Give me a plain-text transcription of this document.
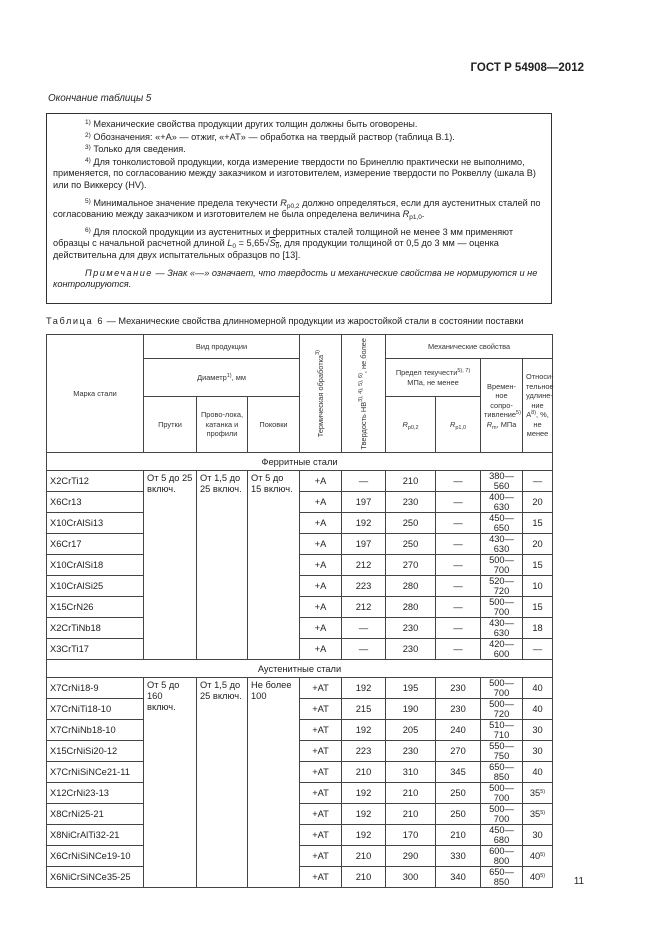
ГОСТ Р 54908—2012
Окончание таблицы 5

$^{1)}$ Механические свойства продукции других толщин должны быть оговорены.

$^{2)}$ Обозначения: «+А» — отжиг, «+AT» — обработка на твердый раствор (таблица В.1).

$^{3)}$ Только для сведения.

$^{4)}$ Для тонколистовой продукции, когда измерение твердости по Бринеллю практически не выполнимо, применяется, по согласованию между заказчиком и изготовителем, измерение твердости по Роквеллу (шкала В) или по Виккерсу (HV).

$^{5)}$ Минимальное значение предела текучести $R_{p0,2}$ должно определяться, если для аустенитных сталей по согласованию между заказчиком и изготовителем не была определена величина $R_{p1,0}$.

$^{6)}$ Для плоской продукции из аустенитных и ферритных сталей толщиной не менее 3 мм применяют образцы с начальной расчетной длиной $L_0 = 5,65√S_0$, для продукции толщиной от 0,5 до 3 мм — оценка действительна для двух испытательных образцов по [13].

Примечание — Знак «—» означает, что твердость и механические свойства не нормируются и не контролируются.

Таблица 6 — Механические свойства длинномерной продукции из жаростойкой стали в состоянии поставки
Марка стали	Вид продукции			Термическая обработка$^{3)}$	Твердость $НВ^{3), 4), 5), 6)}$, не более	Механические свойства			
	Диаметр$^{1)}$, мм					Предел текучести$^{5), 7)}$ МПа, не менее		Времен-ное сопро-тивление$^{5)}$ $R_m$, МПа	Относи-тельное удлине-ние $А^{8)}$, %, не менее
	Прутки	Прово-лока, катанка и профили	Поковки			$R_{p0,2}$	$R_{p1,0}$
Ферритные стали									
X2CrTi12	От 5 до 25 включ.	От 1,5 до 25 включ.	От 5 до 15 включ.	+A	—	210	—	380—560	—
X6Cr13				+A	197	230	—	400—630	20
X10CrAlSi13				+A	192	250	—	450—650	15
X6Cr17				+A	197	250	—	430—630	20
X10CrAlSi18				+A	212	270	—	500—700	15
X10CrAlSi25				+A	223	280	—	520—720	10
X15CrN26				+A	212	280	—	500—700	15
X2CrTiNb18				+A	—	230	—	430—630	18
X3CrTi17				+A	—	230	—	420—600	—
Аустенитные стали									
X7CrNi18-9	От 5 до 160 включ.	От 1,5 до 25 включ.	Не более 100	+AT	192	195	230	500—700	40
X7CrNiTi18-10				+AT	215	190	230	500—720	40
X7CrNiNb18-10				+AT	192	205	240	510—710	30
X15CrNiSi20-12				+AT	223	230	270	550—750	30
X7CrNiSiNCe21-11				+AT	210	310	345	650—850	40
X12CrNi23-13				+AT	192	210	250	500—700	35$^{5)}$
X8CrNi25-21				+AT	192	210	250	500—700	35$^{5)}$
X8NiCrAlTi32-21				+AT	192	170	210	450—680	30
X6CrNiSiNCe19-10				+AT	210	290	330	600—800	40$^{5)}$
X6NiCrSiNCe35-25				+AT	210	300	340	650—850	40$^{5)}$	11
